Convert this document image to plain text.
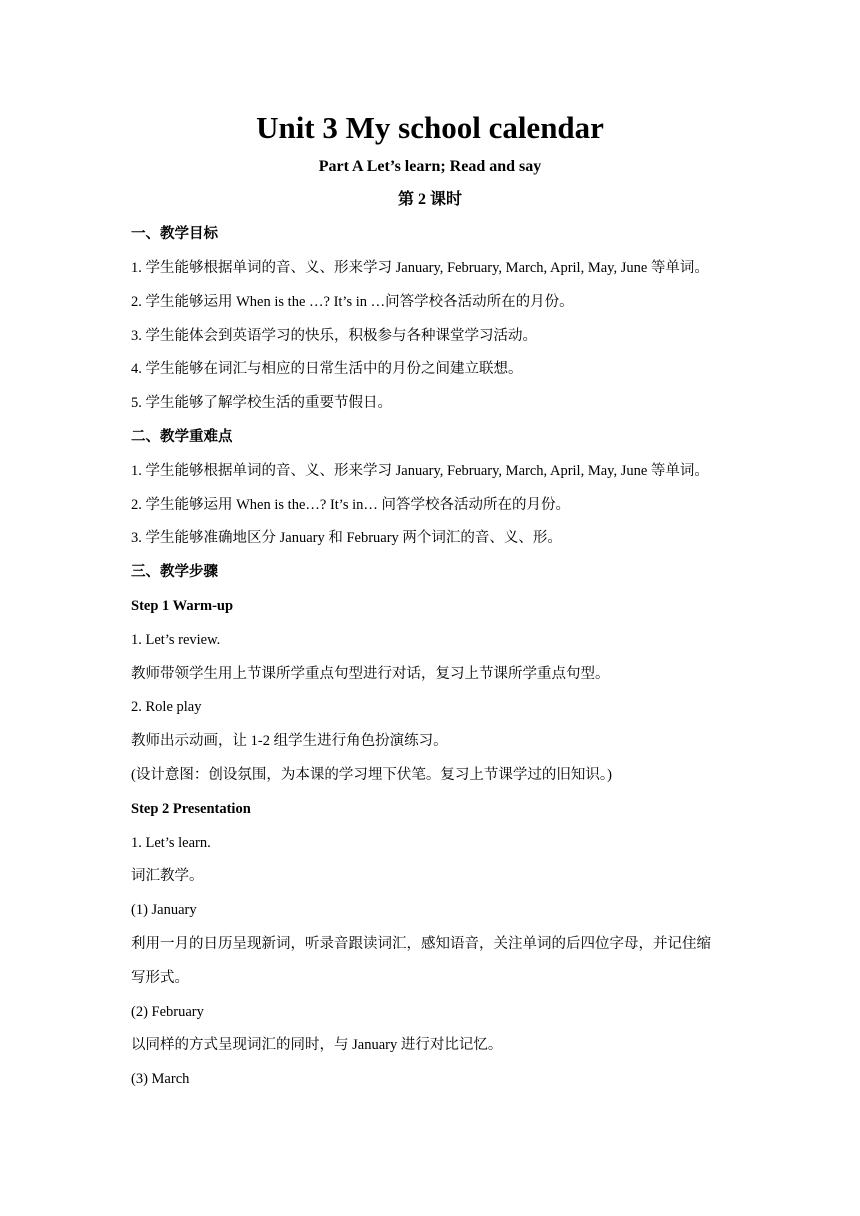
Unit 3 My school calendar
Part A Let’s learn; Read and say
第 2 课时
一、教学目标
1. 学生能够根据单词的音、义、形来学习 January, February, March, April, May, June 等单词。
2. 学生能够运用 When is the …? It’s in …问答学校各活动所在的月份。
3. 学生能体会到英语学习的快乐，积极参与各种课堂学习活动。
4. 学生能够在词汇与相应的日常生活中的月份之间建立联想。
5. 学生能够了解学校生活的重要节假日。
二、教学重难点
1. 学生能够根据单词的音、义、形来学习 January, February, March, April, May, June 等单词。
2. 学生能够运用 When is the…? It’s in… 问答学校各活动所在的月份。
3. 学生能够准确地区分 January 和 February 两个词汇的音、义、形。
三、教学步骤
Step 1 Warm-up
1. Let’s review.
教师带领学生用上节课所学重点句型进行对话，复习上节课所学重点句型。
2. Role play
教师出示动画，让 1-2 组学生进行角色扮演练习。
(设计意图：创设氛围，为本课的学习埋下伏笔。复习上节课学过的旧知识。)
Step 2 Presentation
1. Let’s learn.
词汇教学。
(1) January
利用一月的日历呈现新词，听录音跟读词汇，感知语音，关注单词的后四位字母，并记住缩
写形式。
(2) February
以同样的方式呈现词汇的同时，与 January 进行对比记忆。
(3) March
